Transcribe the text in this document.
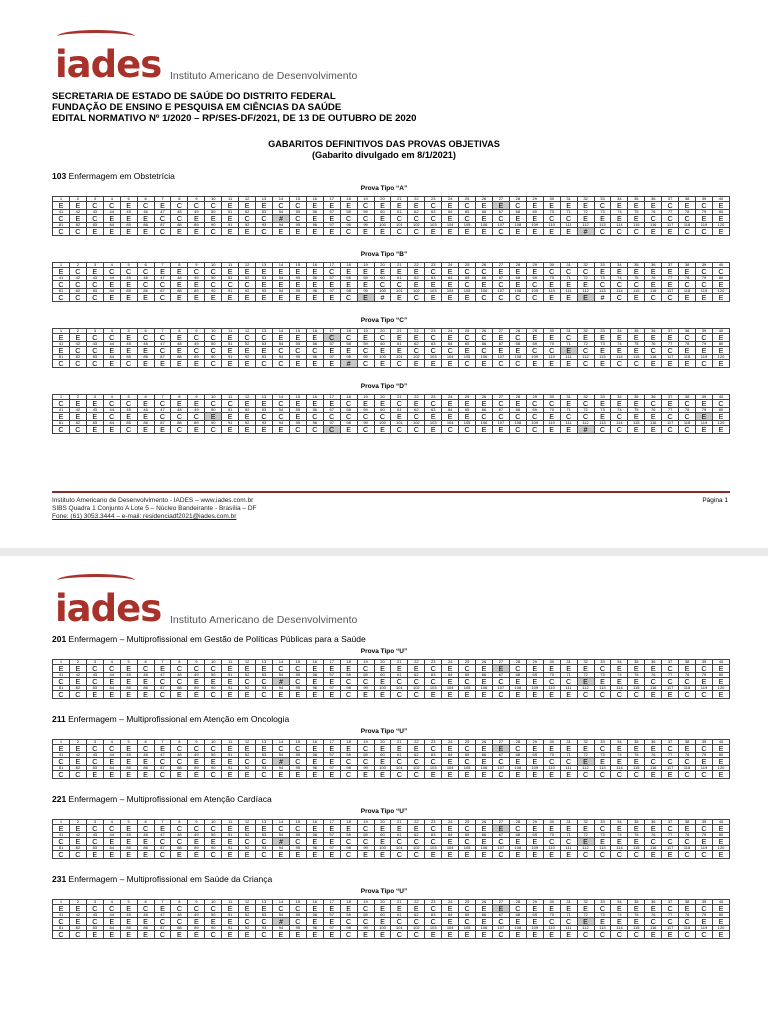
iades Instituto Americano de Desenvolvimento
SECRETARIA DE ESTADO DE SAÚDE DO DISTRITO FEDERAL
FUNDAÇÃO DE ENSINO E PESQUISA EM CIÊNCIAS DA SAÚDE
EDITAL NORMATIVO Nº 1/2020 – RP/SES-DF/2021, DE 13 DE OUTUBRO DE 2020
GABARITOS DEFINITIVOS DAS PROVAS OBJETIVAS
(Gabarito divulgado em 8/1/2021)
103 Enfermagem em Obstetrícia
Prova Tipo “A”
1	2	3	4	5	6	7	8	9	10	11	12	13	14	15	16	17	18	19	20	21	22	23	24	25	26	27	28	29	30	31	32	33	34	35	36	37	38	39	40
E	E	C	C	E	C	E	C	C	C	E	E	E	C	C	E	E	E	C	E	E	E	C	E	C	E	E	C	E	E	E	E	C	E	E	E	C	E	C	E
41	42	43	44	45	46	47	48	49	50	51	52	53	54	55	56	57	58	59	60	61	62	63	64	65	66	67	68	69	70	71	72	73	74	75	76	77	78	79	80
C	E	C	E	E	E	C	C	E	E	E	C	C	#	C	E	E	C	C	E	C	C	C	E	C	E	C	E	E	C	C	E	E	E	E	C	C	C	E	E
81	82	83	84	85	86	87	88	89	90	91	92	93	94	95	96	97	98	99	100	101	102	103	104	105	106	107	108	109	110	111	112	113	114	115	116	117	118	119	120
C	C	E	E	E	E	C	E	E	C	E	E	C	E	E	E	E	C	E	E	C	C	E	E	E	E	C	E	E	E	E	#	C	C	C	E	E	C	C	E
Prova Tipo “B”
1	2	3	4	5	6	7	8	9	10	11	12	13	14	15	16	17	18	19	20	21	22	23	24	25	26	27	28	29	30	31	32	33	34	35	36	37	38	39	40
E	C	E	C	C	C	E	E	C	C	E	E	E	E	E	E	C	E	E	E	E	E	C	E	C	C	E	E	E	C	C	C	E	E	E	E	E	E	C	C
41	42	43	44	45	46	47	48	49	50	51	52	53	54	55	56	57	58	59	60	61	62	63	64	65	66	67	68	69	70	71	72	73	74	75	76	77	78	79	80
C	C	C	E	E	C	C	E	E	C	C	C	E	E	E	E	E	E	E	C	C	E	E	E	C	E	C	E	C	E	E	E	C	C	C	E	E	C	C	E
81	82	83	84	85	86	87	88	89	90	91	92	93	94	95	96	97	98	99	100	101	102	103	104	105	106	107	108	109	110	111	112	113	114	115	116	117	118	119	120
C	C	C	E	E	E	C	E	E	E	E	E	E	E	E	E	E	C	E	#	E	C	E	E	E	C	C	C	C	E	E	E	#	C	E	C	C	E	E	E
Prova Tipo “C”
1	2	3	4	5	6	7	8	9	10	11	12	13	14	15	16	17	18	19	20	21	22	23	24	25	26	27	28	29	30	31	32	33	34	35	36	37	38	39	40
E	E	C	C	E	C	C	E	C	C	E	C	C	E	E	E	C	C	E	C	E	E	C	E	C	C	E	C	E	E	C	E	E	E	E	E	E	C	C	E
41	42	43	44	45	46	47	48	49	50	51	52	53	54	55	56	57	58	59	60	61	62	63	64	65	66	67	68	69	70	71	72	73	74	75	76	77	78	79	80
E	C	C	E	E	E	C	E	C	C	E	E	E	C	C	C	E	E	C	E	E	C	C	C	E	C	E	E	C	C	E	C	E	E	E	C	C	E	E	E
81	82	83	84	85	86	87	88	89	90	91	92	93	94	95	96	97	98	99	100	101	102	103	104	105	106	107	108	109	110	111	112	113	114	115	116	117	118	119	120
C	C	C	E	C	E	E	E	E	C	E	E	C	C	E	E	E	#	C	E	C	E	E	E	C	E	C	C	E	E	E	C	E	C	C	E	E	E	C	E
Prova Tipo “D”
1	2	3	4	5	6	7	8	9	10	11	12	13	14	15	16	17	18	19	20	21	22	23	24	25	26	27	28	29	30	31	32	33	34	35	36	37	38	39	40
C	E	E	C	C	E	C	E	E	C	C	E	E	C	E	E	E	C	E	E	C	E	C	E	E	E	C	E	C	C	E	C	E	E	E	C	E	C	E	C
41	42	43	44	45	46	47	48	49	50	51	52	53	54	55	56	57	58	59	60	61	62	63	64	65	66	67	68	69	70	71	72	73	74	75	76	77	78	79	80
E	E	E	C	E	E	C	C	C	E	E	E	C	C	E	C	C	C	C	C	E	C	E	E	E	C	C	C	C	E	C	C	E	C	E	E	C	C	E	E
81	82	83	84	85	86	87	88	89	90	91	92	93	94	95	96	97	98	99	100	101	102	103	104	105	106	107	108	109	110	111	112	113	114	115	116	117	118	119	120
C	C	E	E	C	E	E	C	E	C	E	E	E	E	C	C	C	E	C	E	C	C	E	C	C	E	E	C	C	E	E	#	C	C	E	E	C	C	E	E
Instituto Americano de Desenvolvimento - IADES – www.iades.com.br
SIBS Quadra 1 Conjunto A Lote 5 – Núcleo Bandeirante - Brasília – DF
Fone: (61) 3053.3444 – e-mail: residenciadf2021@iades.com.br
Página 1
iades Instituto Americano de Desenvolvimento
201 Enfermagem – Multiprofissional em Gestão de Políticas Públicas para a Saúde
Prova Tipo “U”
1	2	3	4	5	6	7	8	9	10	11	12	13	14	15	16	17	18	19	20	21	22	23	24	25	26	27	28	29	30	31	32	33	34	35	36	37	38	39	40
E	E	C	C	E	C	E	C	C	C	E	E	E	C	C	E	E	E	C	E	E	E	C	E	C	E	E	C	E	E	E	E	C	E	E	E	C	E	C	E
41	42	43	44	45	46	47	48	49	50	51	52	53	54	55	56	57	58	59	60	61	62	63	64	65	66	67	68	69	70	71	72	73	74	75	76	77	78	79	80
C	E	C	E	E	E	C	C	E	E	E	C	C	#	C	E	E	C	C	E	C	C	C	E	C	E	C	E	E	C	C	E	E	E	E	C	C	C	E	E
81	82	83	84	85	86	87	88	89	90	91	92	93	94	95	96	97	98	99	100	101	102	103	104	105	106	107	108	109	110	111	112	113	114	115	116	117	118	119	120
C	C	E	E	E	E	C	E	E	C	E	E	C	E	E	E	E	C	E	E	C	C	E	E	E	E	C	E	E	E	E	C	C	C	C	E	E	C	C	E
211 Enfermagem – Multiprofissional em Atenção em Oncologia
Prova Tipo “U”
1	2	3	4	5	6	7	8	9	10	11	12	13	14	15	16	17	18	19	20	21	22	23	24	25	26	27	28	29	30	31	32	33	34	35	36	37	38	39	40
E	E	C	C	E	C	E	C	C	C	E	E	E	C	C	E	E	E	C	E	E	E	C	E	C	E	E	C	E	E	E	E	C	E	E	E	C	E	C	E
41	42	43	44	45	46	47	48	49	50	51	52	53	54	55	56	57	58	59	60	61	62	63	64	65	66	67	68	69	70	71	72	73	74	75	76	77	78	79	80
C	E	C	E	E	E	C	C	E	E	E	C	C	#	C	E	E	C	C	E	C	C	C	E	C	E	C	E	E	C	C	E	E	E	E	C	C	C	E	E
81	82	83	84	85	86	87	88	89	90	91	92	93	94	95	96	97	98	99	100	101	102	103	104	105	106	107	108	109	110	111	112	113	114	115	116	117	118	119	120
C	C	E	E	E	E	C	E	E	C	E	E	C	E	E	E	E	C	E	E	C	C	E	E	E	E	C	E	E	E	E	C	C	C	C	E	E	C	C	E
221 Enfermagem – Multiprofissional em Atenção Cardíaca
Prova Tipo “U”
1	2	3	4	5	6	7	8	9	10	11	12	13	14	15	16	17	18	19	20	21	22	23	24	25	26	27	28	29	30	31	32	33	34	35	36	37	38	39	40
E	E	C	C	E	C	E	C	C	C	E	E	E	C	C	E	E	E	C	E	E	E	C	E	C	E	E	C	E	E	E	E	C	E	E	E	C	E	C	E
41	42	43	44	45	46	47	48	49	50	51	52	53	54	55	56	57	58	59	60	61	62	63	64	65	66	67	68	69	70	71	72	73	74	75	76	77	78	79	80
C	E	C	E	E	E	C	C	E	E	E	C	C	#	C	E	E	C	C	E	C	C	C	E	C	E	C	E	E	C	C	E	E	E	E	C	C	C	E	E
81	82	83	84	85	86	87	88	89	90	91	92	93	94	95	96	97	98	99	100	101	102	103	104	105	106	107	108	109	110	111	112	113	114	115	116	117	118	119	120
C	C	E	E	E	E	C	E	E	C	E	E	C	E	E	E	E	C	E	E	C	C	E	E	E	E	C	E	E	E	E	C	C	C	C	E	E	C	C	E
231 Enfermagem – Multiprofissional em Saúde da Criança
Prova Tipo “U”
1	2	3	4	5	6	7	8	9	10	11	12	13	14	15	16	17	18	19	20	21	22	23	24	25	26	27	28	29	30	31	32	33	34	35	36	37	38	39	40
E	E	C	C	E	C	E	C	C	C	E	E	E	C	C	E	E	E	C	E	E	E	C	E	C	E	E	C	E	E	E	E	C	E	E	E	C	E	C	E
41	42	43	44	45	46	47	48	49	50	51	52	53	54	55	56	57	58	59	60	61	62	63	64	65	66	67	68	69	70	71	72	73	74	75	76	77	78	79	80
C	E	C	E	E	E	C	C	E	E	E	C	C	#	C	E	E	C	C	E	C	C	C	E	C	E	C	E	E	C	C	E	E	E	E	C	C	C	E	E
81	82	83	84	85	86	87	88	89	90	91	92	93	94	95	96	97	98	99	100	101	102	103	104	105	106	107	108	109	110	111	112	113	114	115	116	117	118	119	120
C	C	E	E	E	E	C	E	E	C	E	E	C	E	E	E	E	C	E	E	C	C	E	E	E	E	C	E	E	E	E	C	C	C	C	E	E	C	C	E
